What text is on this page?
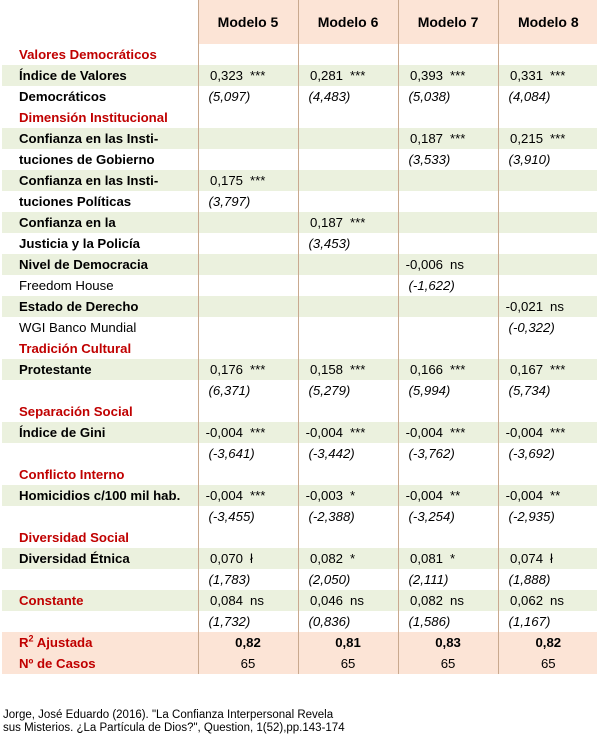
	Modelo 5		Modelo 6		Modelo 7		Modelo 8	
Valores Democráticos								
Índice de Valores	0,323	***	0,281	***	0,393	***	0,331	***
Democráticos	(5,097)		(4,483)		(5,038)		(4,084)	
Dimensión Institucional								
Confianza en las Insti-					0,187	***	0,215	***
tuciones de Gobierno					(3,533)		(3,910)	
Confianza en las Insti-	0,175	***						
tuciones Políticas	(3,797)							
Confianza en la			0,187	***				
Justicia y la Policía			(3,453)					
Nivel de Democracia					-0,006	ns		
Freedom House					(-1,622)			
Estado de Derecho							-0,021	ns
WGI Banco Mundial							(-0,322)	
Tradición Cultural								
Protestante	0,176	***	0,158	***	0,166	***	0,167	***
	(6,371)		(5,279)		(5,994)		(5,734)	
Separación Social								
Índice de Gini	-0,004	***	-0,004	***	-0,004	***	-0,004	***
	(-3,641)		(-3,442)		(-3,762)		(-3,692)	
Conflicto Interno								
Homicidios c/100 mil hab.	-0,004	***	-0,003	*	-0,004	**	-0,004	**
	(-3,455)		(-2,388)		(-3,254)		(-2,935)	
Diversidad Social								
Diversidad Étnica	0,070	ł	0,082	*	0,081	*	0,074	ł
	(1,783)		(2,050)		(2,111)		(1,888)	
Constante	0,084	ns	0,046	ns	0,082	ns	0,062	ns
	(1,732)		(0,836)		(1,586)		(1,167)	
$R^2$ Ajustada	0,82		0,81		0,83		0,82	
Nº de Casos	65		65		65		65	
Jorge, José Eduardo (2016). "La Confianza Interpersonal Revela
sus Misterios. ¿La Partícula de Dios?", Question, 1(52),pp.143-174
